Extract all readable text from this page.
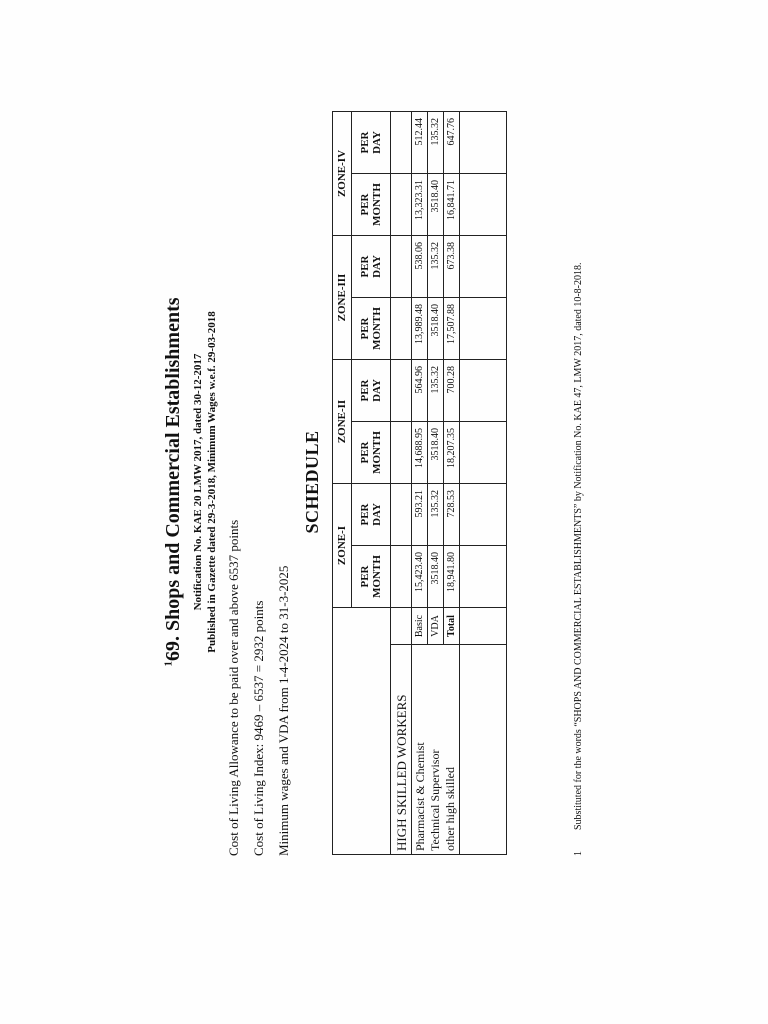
$^1$69. Shops and Commercial Establishments Notification No. KAE 20 LMW 2017, dated 30-12-2017 Published in Gazette dated 29-3-2018, Minimum Wages w.e.f. 29-03-2018
Cost of Living Allowance to be paid over and above 6537 points Cost of Living Index: 9469 – 6537 = 2932 points Minimum wages and VDA from 1-4-2024 to 31-3-2025
SCHEDULE
		ZONE-I		ZONE-II		ZONE-III		ZONE-IV	

		PER MONTH	PER DAY	PER MONTH	PER DAY	PER MONTH	PER DAY	PER MONTH	PER DAY

HIGH SKILLED WORKERS									

Pharmacist & Chemist Technical Supervisor other high skilled	Basic	15,423.40	593.21	14,688.95	564.96	13,989.48	538.06	13,323.31	512.44
	VDA	3518.40	135.32	3518.40	135.32	3518.40	135.32	3518.40	135.32
	Total	18,941.80	728.53	18,207.35	700.28	17,507.88	673.38	16,841.71	647.76

1Substituted for the words “SHOPS AND COMMERCIAL ESTABLISHMENTS” by Notification No. KAE 47, LMW 2017, dated 10-8-2018.
